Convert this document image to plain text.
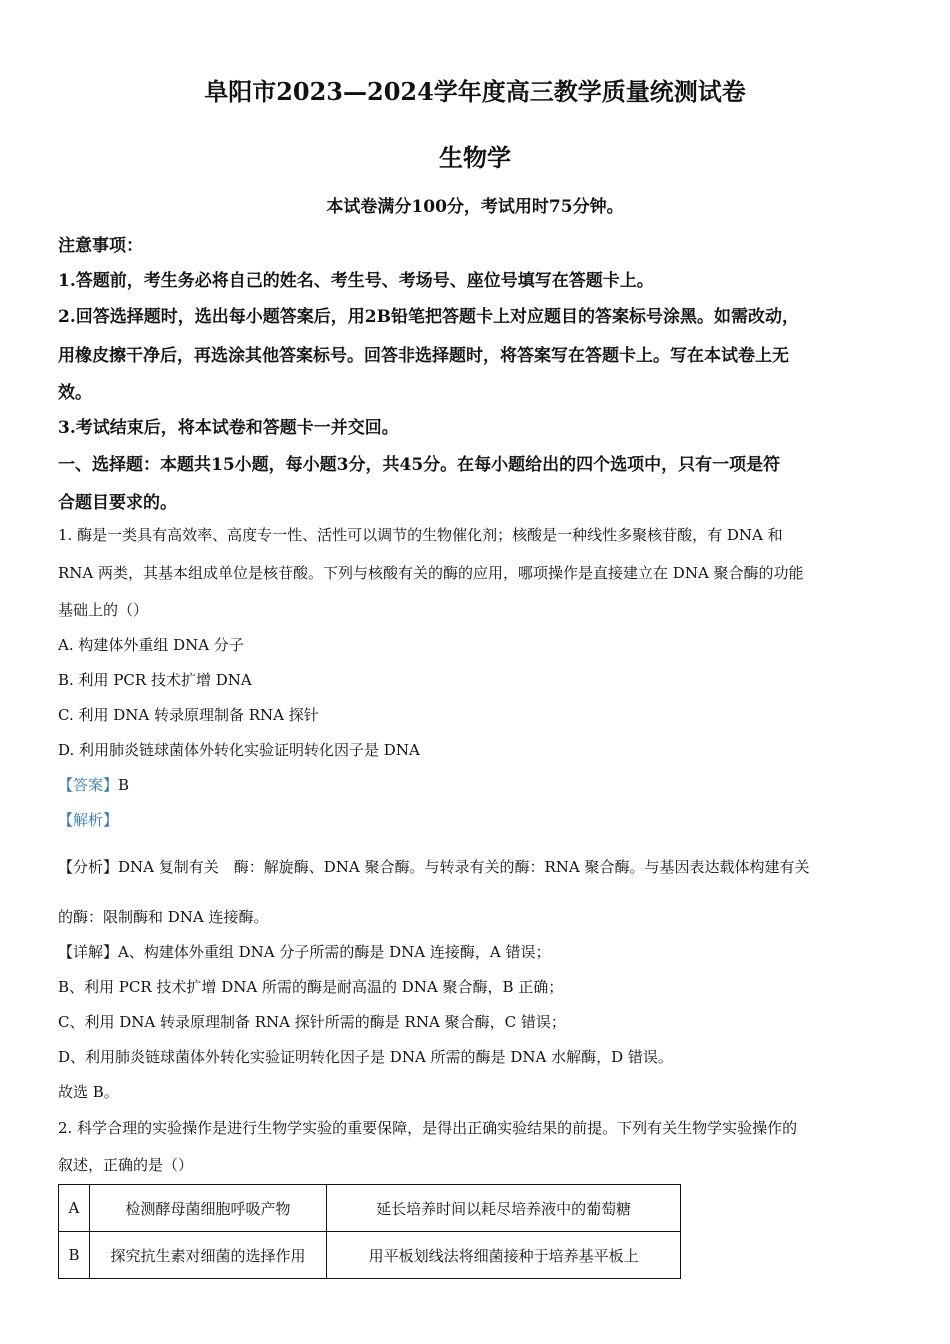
阜阳市2023—2024学年度高三教学质量统测试卷
生物学
本试卷满分100分，考试用时75分钟。
注意事项：
1.答题前，考生务必将自己的姓名、考生号、考场号、座位号填写在答题卡上。
2.回答选择题时，选出每小题答案后，用2B铅笔把答题卡上对应题目的答案标号涂黑。如需改动，
用橡皮擦干净后，再选涂其他答案标号。回答非选择题时，将答案写在答题卡上。写在本试卷上无
效。
3.考试结束后，将本试卷和答题卡一并交回。
一、选择题：本题共15小题，每小题3分，共45分。在每小题给出的四个选项中，只有一项是符
合题目要求的。
1. 酶是一类具有高效率、高度专一性、活性可以调节的生物催化剂；核酸是一种线性多聚核苷酸，有 DNA 和
RNA 两类，其基本组成单位是核苷酸。下列与核酸有关的酶的应用，哪项操作是直接建立在 DNA 聚合酶的功能
基础上的（）
A. 构建体外重组 DNA 分子
B. 利用 PCR 技术扩增 DNA
C. 利用 DNA 转录原理制备 RNA 探针
D. 利用肺炎链球菌体外转化实验证明转化因子是 DNA
【答案】B
【解析】
【分析】DNA 复制有关　酶：解旋酶、DNA 聚合酶。与转录有关的酶：RNA 聚合酶。与基因表达载体构建有关
的酶：限制酶和 DNA 连接酶。
【详解】A、构建体外重组 DNA 分子所需的酶是 DNA 连接酶，A 错误；
B、利用 PCR 技术扩增 DNA 所需的酶是耐高温的 DNA 聚合酶，B 正确；
C、利用 DNA 转录原理制备 RNA 探针所需的酶是 RNA 聚合酶，C 错误；
D、利用肺炎链球菌体外转化实验证明转化因子是 DNA 所需的酶是 DNA 水解酶，D 错误。
故选 B。
2. 科学合理的实验操作是进行生物学实验的重要保障，是得出正确实验结果的前提。下列有关生物学实验操作的
叙述，正确的是（）
A	检测酵母菌细胞呼吸产物	延长培养时间以耗尽培养液中的葡萄糖
B	探究抗生素对细菌的选择作用	用平板划线法将细菌接种于培养基平板上
